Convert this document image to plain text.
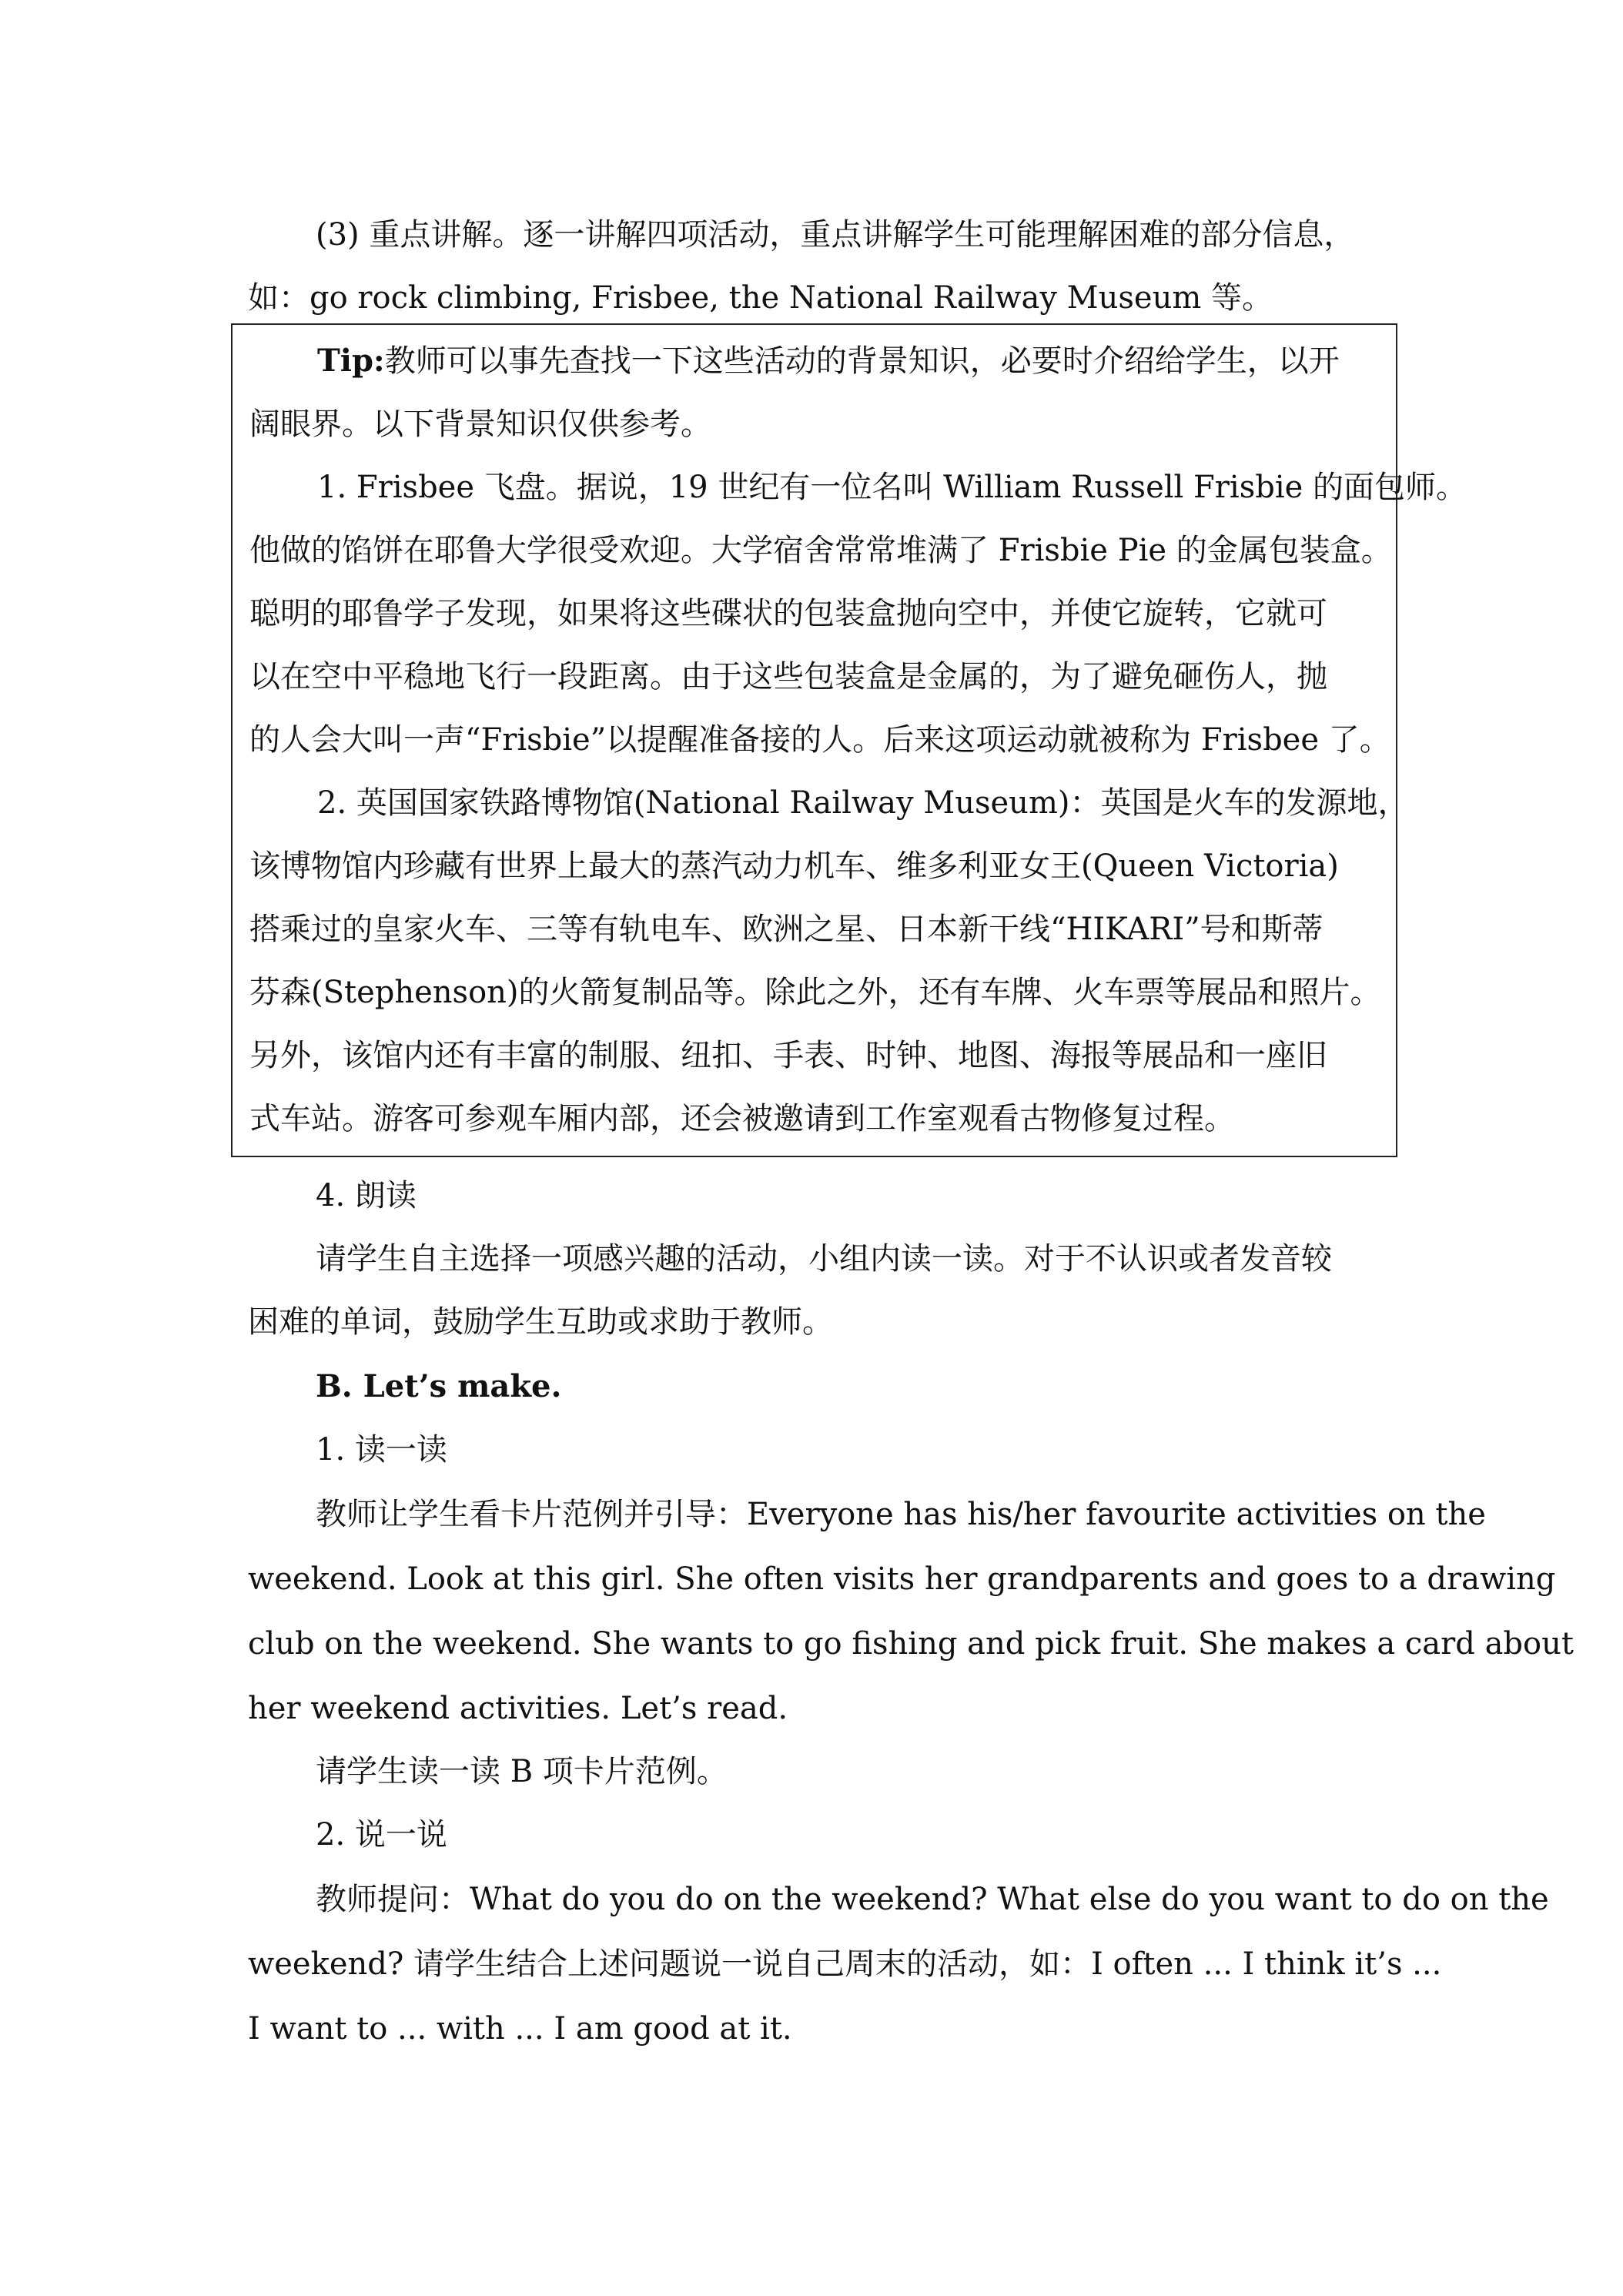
(3) 重点讲解。逐一讲解四项活动，重点讲解学生可能理解困难的部分信息，

如：go rock climbing, Frisbee, the National Railway Museum 等。

Tip:教师可以事先查找一下这些活动的背景知识，必要时介绍给学生，以开

阔眼界。以下背景知识仅供参考。

1. Frisbee 飞盘。据说，19 世纪有一位名叫 William Russell Frisbie 的面包师。

他做的馅饼在耶鲁大学很受欢迎。大学宿舍常常堆满了 Frisbie Pie 的金属包装盒。

聪明的耶鲁学子发现，如果将这些碟状的包装盒抛向空中，并使它旋转，它就可

以在空中平稳地飞行一段距离。由于这些包装盒是金属的，为了避免砸伤人，抛

的人会大叫一声“Frisbie”以提醒准备接的人。后来这项运动就被称为 Frisbee 了。

2. 英国国家铁路博物馆(National Railway Museum)：英国是火车的发源地，

该博物馆内珍藏有世界上最大的蒸汽动力机车、维多利亚女王(Queen Victoria)

搭乘过的皇家火车、三等有轨电车、欧洲之星、日本新干线“HIKARI”号和斯蒂

芬森(Stephenson)的火箭复制品等。除此之外，还有车牌、火车票等展品和照片。

另外，该馆内还有丰富的制服、纽扣、手表、时钟、地图、海报等展品和一座旧

式车站。游客可参观车厢内部，还会被邀请到工作室观看古物修复过程。

4. 朗读

请学生自主选择一项感兴趣的活动，小组内读一读。对于不认识或者发音较

困难的单词，鼓励学生互助或求助于教师。

B. Let’s make.

1. 读一读

教师让学生看卡片范例并引导：Everyone has his/her favourite activities on the

weekend. Look at this girl. She often visits her grandparents and goes to a drawing

club on the weekend. She wants to go fishing and pick fruit. She makes a card about

her weekend activities. Let’s read.

请学生读一读 B 项卡片范例。

2. 说一说

教师提问：What do you do on the weekend? What else do you want to do on the

weekend? 请学生结合上述问题说一说自己周末的活动，如：I often ... I think it’s ...

I want to ... with ... I am good at it.
